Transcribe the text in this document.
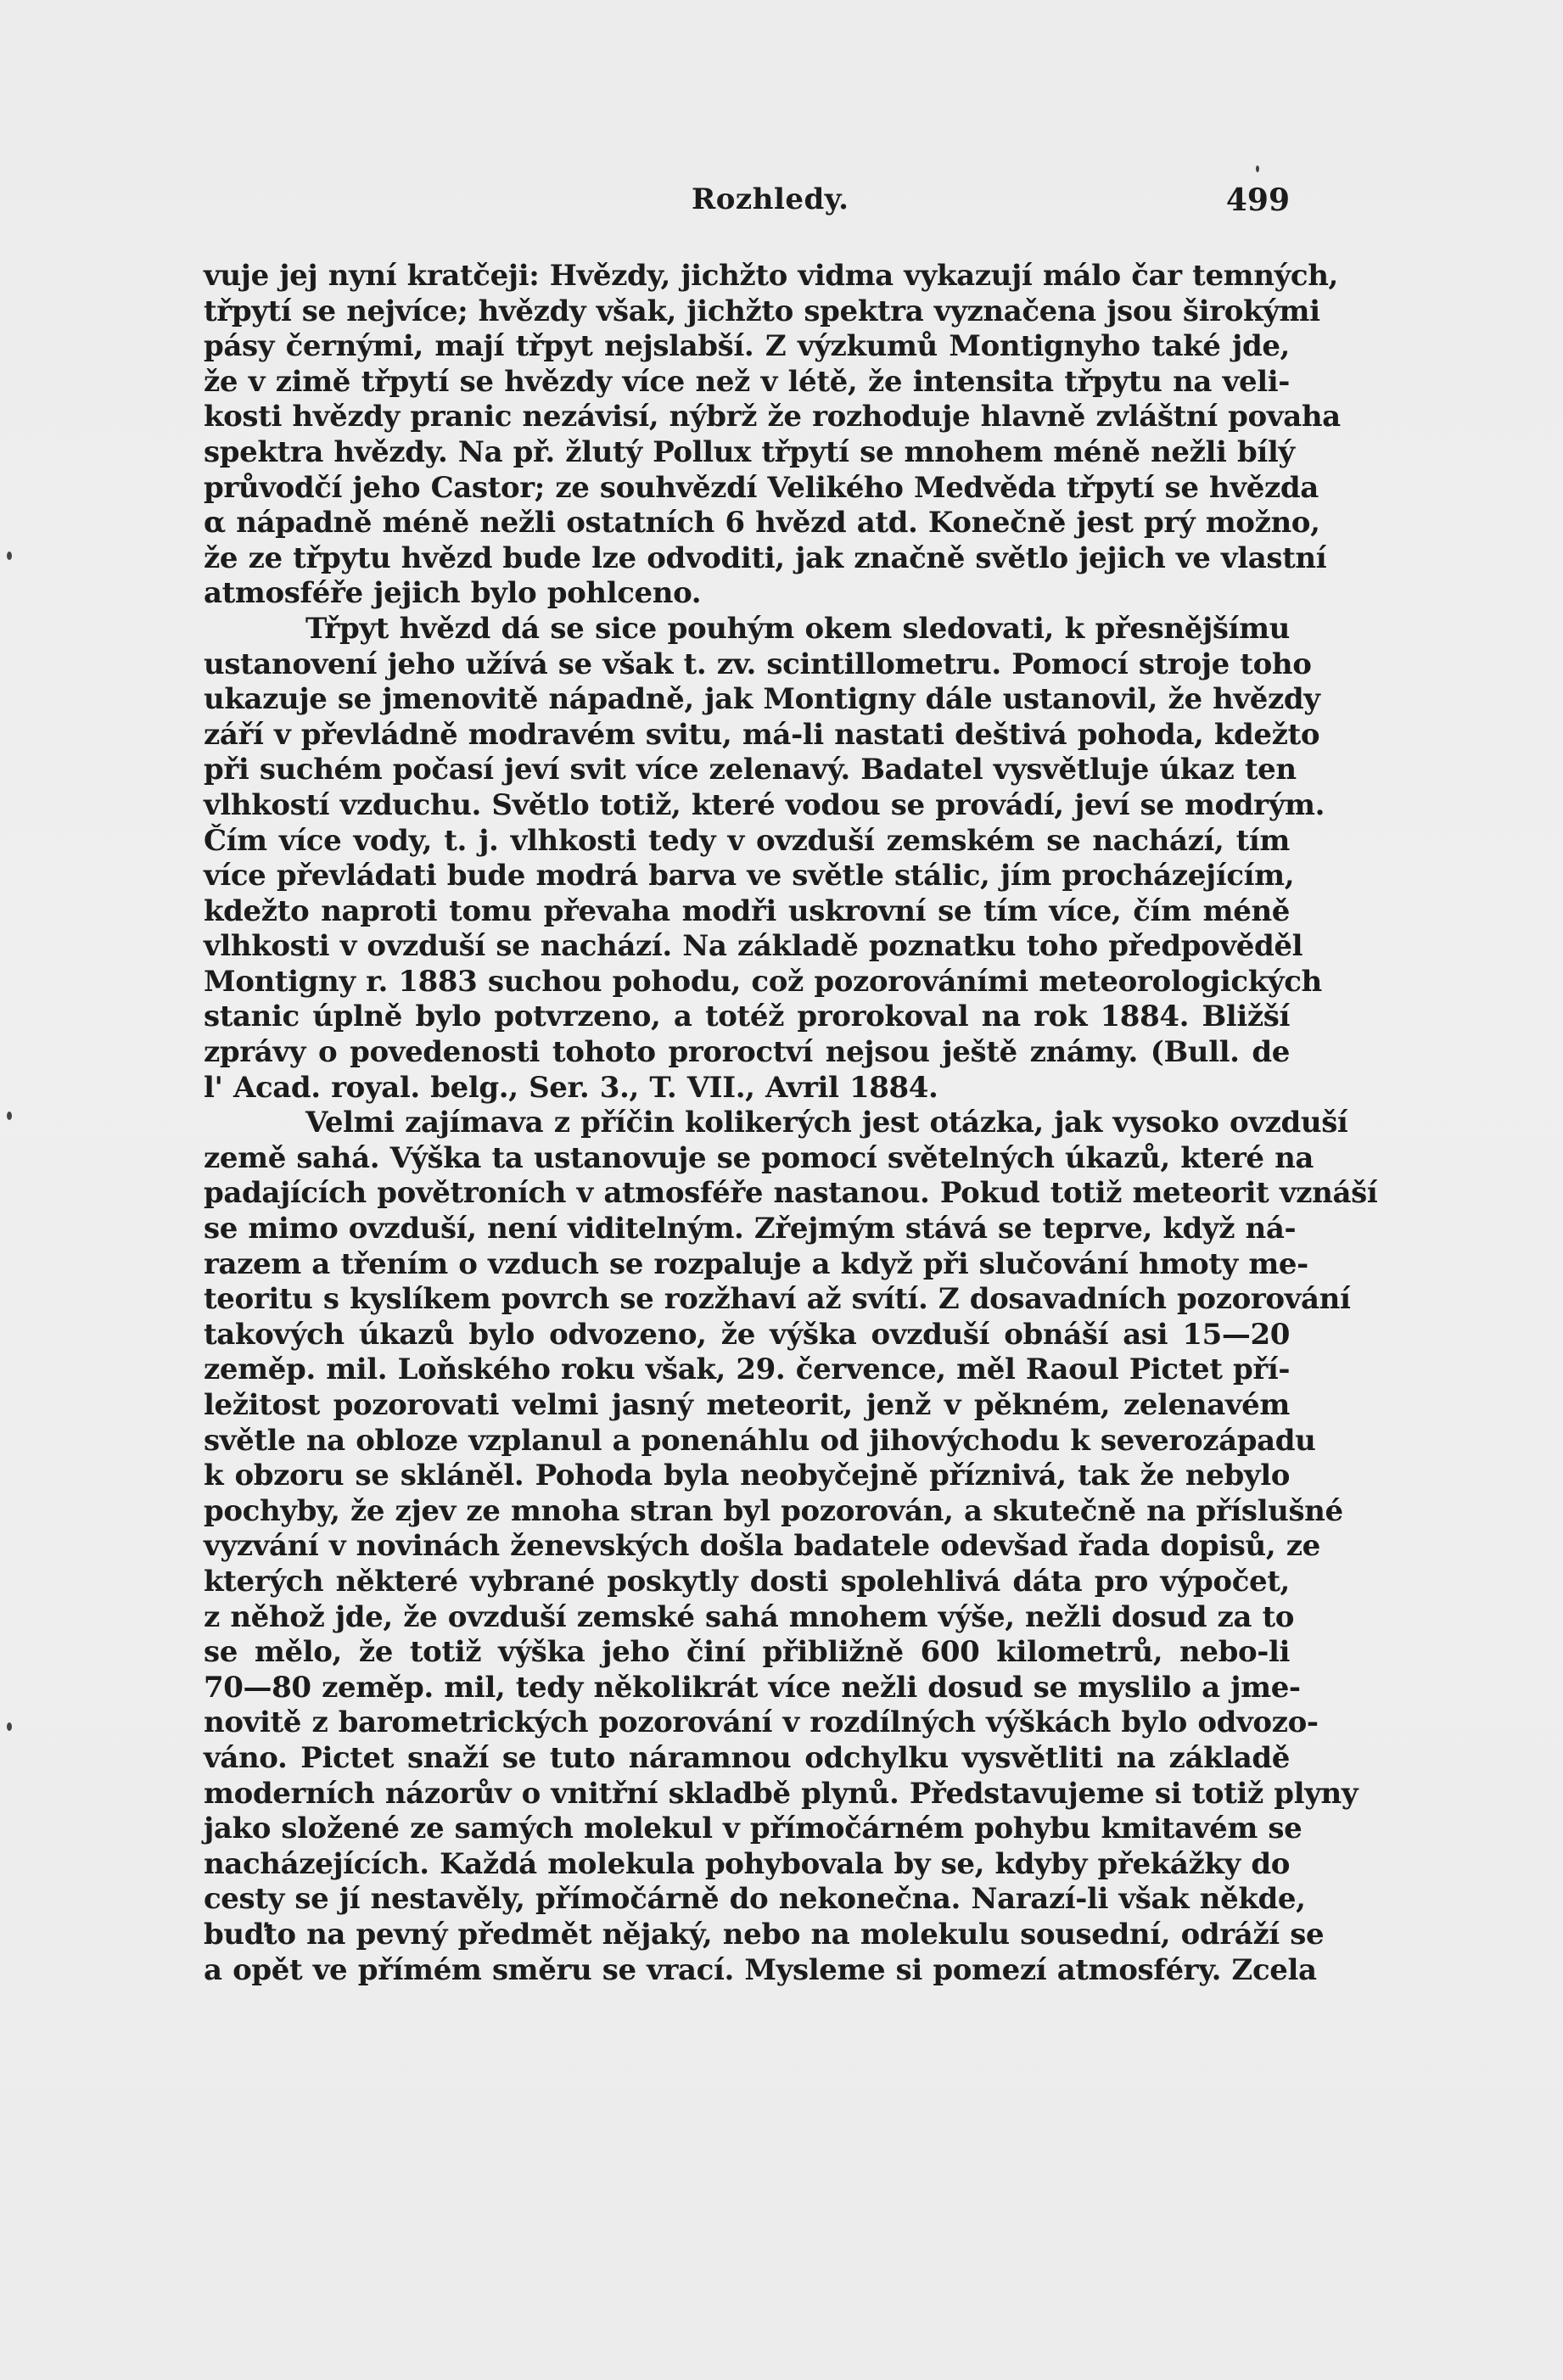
Rozhledy.	499
vuje jej nyní kratčeji: Hvězdy, jichžto vidma vykazují málo čar temných,
třpytí se nejvíce; hvězdy však, jichžto spektra vyznačena jsou širokými
pásy černými, mají třpyt nejslabší. Z výzkumů Montignyho také jde,
že v zimě třpytí se hvězdy více než v létě, že intensita třpytu na veli-
kosti hvězdy pranic nezávisí, nýbrž že rozhoduje hlavně zvláštní povaha
spektra hvězdy. Na př. žlutý Pollux třpytí se mnohem méně nežli bílý
průvodčí jeho Castor; ze souhvězdí Velikého Medvěda třpytí se hvězda
α nápadně méně nežli ostatních 6 hvězd atd. Konečně jest prý možno,
že ze třpytu hvězd bude lze odvoditi, jak značně světlo jejich ve vlastní
atmosféře jejich bylo pohlceno.
Třpyt hvězd dá se sice pouhým okem sledovati, k přesnějšímu
ustanovení jeho užívá se však t. zv. scintillometru. Pomocí stroje toho
ukazuje se jmenovitě nápadně, jak Montigny dále ustanovil, že hvězdy
září v převládně modravém svitu, má-li nastati deštivá pohoda, kdežto
při suchém počasí jeví svit více zelenavý. Badatel vysvětluje úkaz ten
vlhkostí vzduchu. Světlo totiž, které vodou se provádí, jeví se modrým.
Čím více vody, t. j. vlhkosti tedy v ovzduší zemském se nachází, tím
více převládati bude modrá barva ve světle stálic, jím procházejícím,
kdežto naproti tomu převaha modři uskrovní se tím více, čím méně
vlhkosti v ovzduší se nachází. Na základě poznatku toho předpověděl
Montigny r. 1883 suchou pohodu, což pozorováními meteorologických
stanic úplně bylo potvrzeno, a totéž prorokoval na rok 1884. Bližší
zprávy o povedenosti tohoto proroctví nejsou ještě známy. (Bull. de
l' Acad. royal. belg., Ser. 3., T. VII., Avril 1884.
Velmi zajímava z příčin kolikerých jest otázka, jak vysoko ovzduší
země sahá. Výška ta ustanovuje se pomocí světelných úkazů, které na
padajících povětroních v atmosféře nastanou. Pokud totiž meteorit vznáší
se mimo ovzduší, není viditelným. Zřejmým stává se teprve, když ná-
razem a třením o vzduch se rozpaluje a když při slučování hmoty me-
teoritu s kyslíkem povrch se rozžhaví až svítí. Z dosavadních pozorování
takových úkazů bylo odvozeno, že výška ovzduší obnáší asi 15—20
zeměp. mil. Loňského roku však, 29. července, měl Raoul Pictet pří-
ležitost pozorovati velmi jasný meteorit, jenž v pěkném, zelenavém
světle na obloze vzplanul a ponenáhlu od jihovýchodu k severozápadu
k obzoru se skláněl. Pohoda byla neobyčejně příznivá, tak že nebylo
pochyby, že zjev ze mnoha stran byl pozorován, a skutečně na příslušné
vyzvání v novinách ženevských došla badatele odevšad řada dopisů, ze
kterých některé vybrané poskytly dosti spolehlivá dáta pro výpočet,
z něhož jde, že ovzduší zemské sahá mnohem výše, nežli dosud za to
se mělo, že totiž výška jeho činí přibližně 600 kilometrů, nebo-li
70—80 zeměp. mil, tedy několikrát více nežli dosud se myslilo a jme-
novitě z barometrických pozorování v rozdílných výškách bylo odvozo-
váno. Pictet snaží se tuto náramnou odchylku vysvětliti na základě
moderních názorův o vnitřní skladbě plynů. Představujeme si totiž plyny
jako složené ze samých molekul v přímočárném pohybu kmitavém se
nacházejících. Každá molekula pohybovala by se, kdyby překážky do
cesty se jí nestavěly, přímočárně do nekonečna. Narazí-li však někde,
buďto na pevný předmět nějaký, nebo na molekulu sousední, odráží se
a opět ve přímém směru se vrací. Mysleme si pomezí atmosféry. Zcela
